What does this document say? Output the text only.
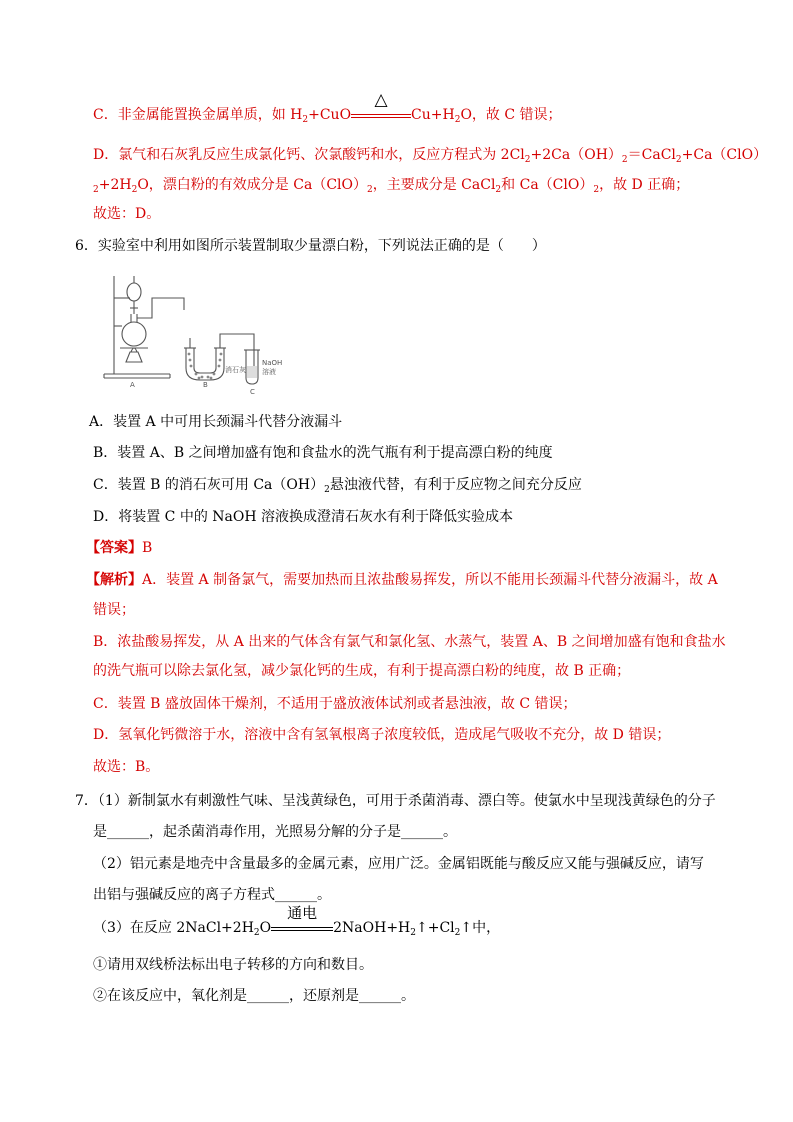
C．非金属能置换金属单质，如 $H_2+CuO$
△
$Cu+H_2O$，故 C 错误；
D．氯气和石灰乳反应生成氯化钙、次氯酸钙和水，反应方程式为 $2Cl_2+2Ca(OH)_2=CaCl_2+Ca(ClO)$
$_2+2H_2O$，漂白粉的有效成分是 $Ca(ClO)_2$，主要成分是 CaCl$_2$和 $Ca(ClO)_2$，故 D 正确；
故选：D。
6．实验室中利用如图所示装置制取少量漂白粉，下列说法正确的是（　　）
A	B
C
消石灰
NaOH
溶液
A．装置 A 中可用长颈漏斗代替分液漏斗
B．装置 A、B 之间增加盛有饱和食盐水的洗气瓶有利于提高漂白粉的纯度
C．装置 B 的消石灰可用 $Ca(OH)_2$悬浊液代替，有利于反应物之间充分反应
D．将装置 C 中的 NaOH 溶液换成澄清石灰水有利于降低实验成本
【答案】B
【解析】A．装置 A 制备氯气，需要加热而且浓盐酸易挥发，所以不能用长颈漏斗代替分液漏斗，故 A
错误；
B．浓盐酸易挥发，从 A 出来的气体含有氯气和氯化氢、水蒸气，装置 A、B 之间增加盛有饱和食盐水
的洗气瓶可以除去氯化氢，减少氯化钙的生成，有利于提高漂白粉的纯度，故 B 正确；
C．装置 B 盛放固体干燥剂，不适用于盛放液体试剂或者悬浊液，故 C 错误；
D．氢氧化钙微溶于水，溶液中含有氢氧根离子浓度较低，造成尾气吸收不充分，故 D 错误；
故选：B。
7．（1）新制氯水有刺激性气味、呈浅黄绿色，可用于杀菌消毒、漂白等。使氯水中呈现浅黄绿色的分子
是______，起杀菌消毒作用，光照易分解的分子是______。
（2）铝元素是地壳中含量最多的金属元素，应用广泛。金属铝既能与酸反应又能与强碱反应，请写
出铝与强碱反应的离子方程式______。
（3）在反应 $2NaCl+2H_2O$
通电
$2NaOH+H_2↑+Cl_2↑$中，
①请用双线桥法标出电子转移的方向和数目。
②在该反应中，氧化剂是______，还原剂是______。
